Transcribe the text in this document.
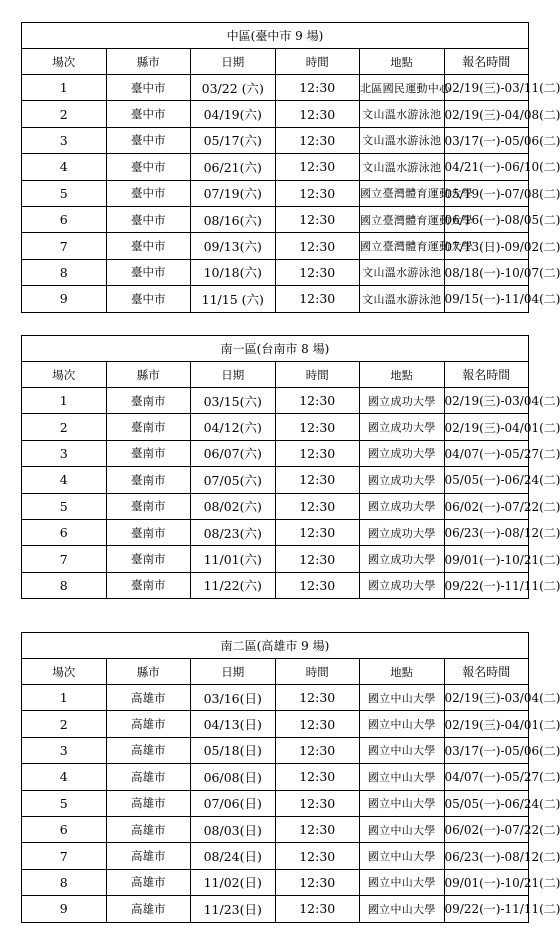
中區(臺中市 9 場)					
場次	縣市	日期	時間	地點	報名時間
1	臺中市	03/22 (六)	12:30	北區國民運動中心	02/19(三)-03/11(二)
2	臺中市	04/19(六)	12:30	文山溫水游泳池	02/19(三)-04/08(二)
3	臺中市	05/17(六)	12:30	文山溫水游泳池	03/17(一)-05/06(二)
4	臺中市	06/21(六)	12:30	文山溫水游泳池	04/21(一)-06/10(二)
5	臺中市	07/19(六)	12:30	國立臺灣體育運動大學	05/19(一)-07/08(二)
6	臺中市	08/16(六)	12:30	國立臺灣體育運動大學	06/16(一)-08/05(二)
7	臺中市	09/13(六)	12:30	國立臺灣體育運動大學	07/13(日)-09/02(二)
8	臺中市	10/18(六)	12:30	文山溫水游泳池	08/18(一)-10/07(二)
9	臺中市	11/15 (六)	12:30	文山溫水游泳池	09/15(一)-11/04(二)
南一區(台南市 8 場)					
場次	縣市	日期	時間	地點	報名時間
1	臺南市	03/15(六)	12:30	國立成功大學	02/19(三)-03/04(二)
2	臺南市	04/12(六)	12:30	國立成功大學	02/19(三)-04/01(二)
3	臺南市	06/07(六)	12:30	國立成功大學	04/07(一)-05/27(二)
4	臺南市	07/05(六)	12:30	國立成功大學	05/05(一)-06/24(二)
5	臺南市	08/02(六)	12:30	國立成功大學	06/02(一)-07/22(二)
6	臺南市	08/23(六)	12:30	國立成功大學	06/23(一)-08/12(二)
7	臺南市	11/01(六)	12:30	國立成功大學	09/01(一)-10/21(二)
8	臺南市	11/22(六)	12:30	國立成功大學	09/22(一)-11/11(二)
南二區(高雄市 9 場)					
場次	縣市	日期	時間	地點	報名時間
1	高雄市	03/16(日)	12:30	國立中山大學	02/19(三)-03/04(二)
2	高雄市	04/13(日)	12:30	國立中山大學	02/19(三)-04/01(二)
3	高雄市	05/18(日)	12:30	國立中山大學	03/17(一)-05/06(二)
4	高雄市	06/08(日)	12:30	國立中山大學	04/07(一)-05/27(二)
5	高雄市	07/06(日)	12:30	國立中山大學	05/05(一)-06/24(二)
6	高雄市	08/03(日)	12:30	國立中山大學	06/02(一)-07/22(二)
7	高雄市	08/24(日)	12:30	國立中山大學	06/23(一)-08/12(二)
8	高雄市	11/02(日)	12:30	國立中山大學	09/01(一)-10/21(二)
9	高雄市	11/23(日)	12:30	國立中山大學	09/22(一)-11/11(二)
